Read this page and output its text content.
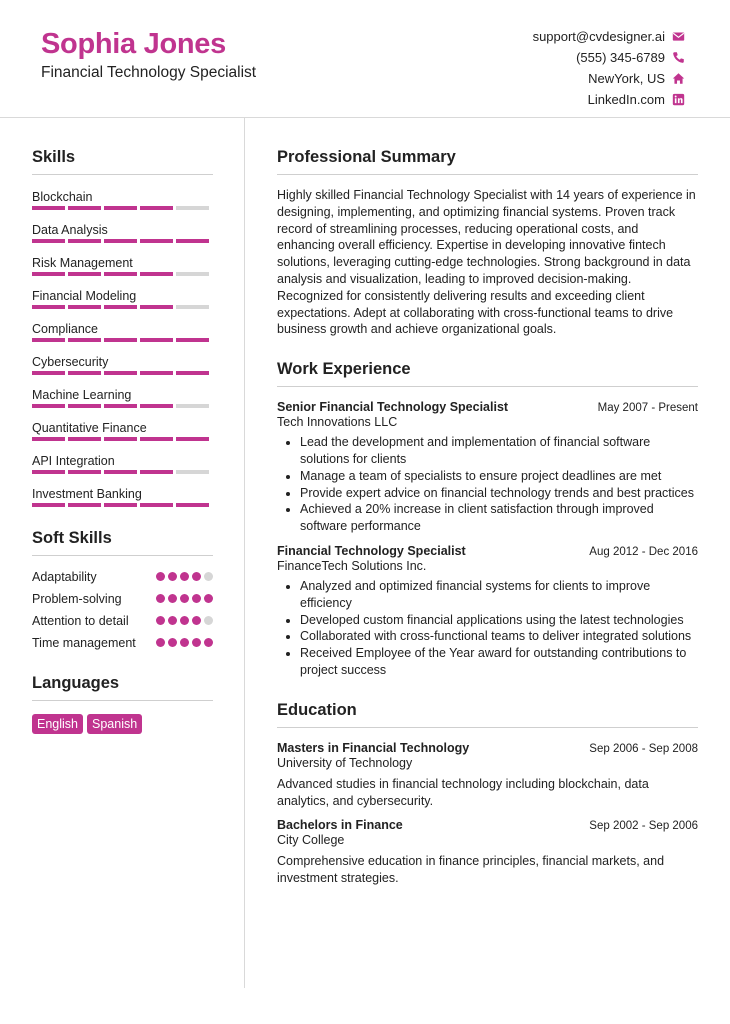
Sophia Jones
Financial Technology Specialist
support@cvdesigner.ai
(555) 345-6789
NewYork, US
LinkedIn.com
Skills
Blockchain
Data Analysis
Risk Management
Financial Modeling
Compliance
Cybersecurity
Machine Learning
Quantitative Finance
API Integration
Investment Banking
Soft Skills
Adaptability
Problem-solving
Attention to detail
Time management
Languages
English	Spanish
Professional Summary
Highly skilled Financial Technology Specialist with 14 years of experience in designing, implementing, and optimizing financial systems. Proven track record of streamlining processes, reducing operational costs, and enhancing overall efficiency. Expertise in developing innovative fintech solutions, leveraging cutting-edge technologies. Strong background in data analysis and visualization, leading to improved decision-making. Recognized for consistently delivering results and exceeding client expectations. Adept at collaborating with cross-functional teams to drive business growth and achieve organizational goals.
Work Experience
Senior Financial Technology Specialist	May 2007 - Present
Tech Innovations LLC
• Lead the development and implementation of financial software solutions for clients
• Manage a team of specialists to ensure project deadlines are met
• Provide expert advice on financial technology trends and best practices
• Achieved a 20% increase in client satisfaction through improved software performance
Financial Technology Specialist	Aug 2012 - Dec 2016
FinanceTech Solutions Inc.
• Analyzed and optimized financial systems for clients to improve efficiency
• Developed custom financial applications using the latest technologies
• Collaborated with cross-functional teams to deliver integrated solutions
• Received Employee of the Year award for outstanding contributions to project success
Education
Masters in Financial Technology	Sep 2006 - Sep 2008
University of Technology
Advanced studies in financial technology including blockchain, data analytics, and cybersecurity.
Bachelors in Finance	Sep 2002 - Sep 2006
City College
Comprehensive education in finance principles, financial markets, and investment strategies.
